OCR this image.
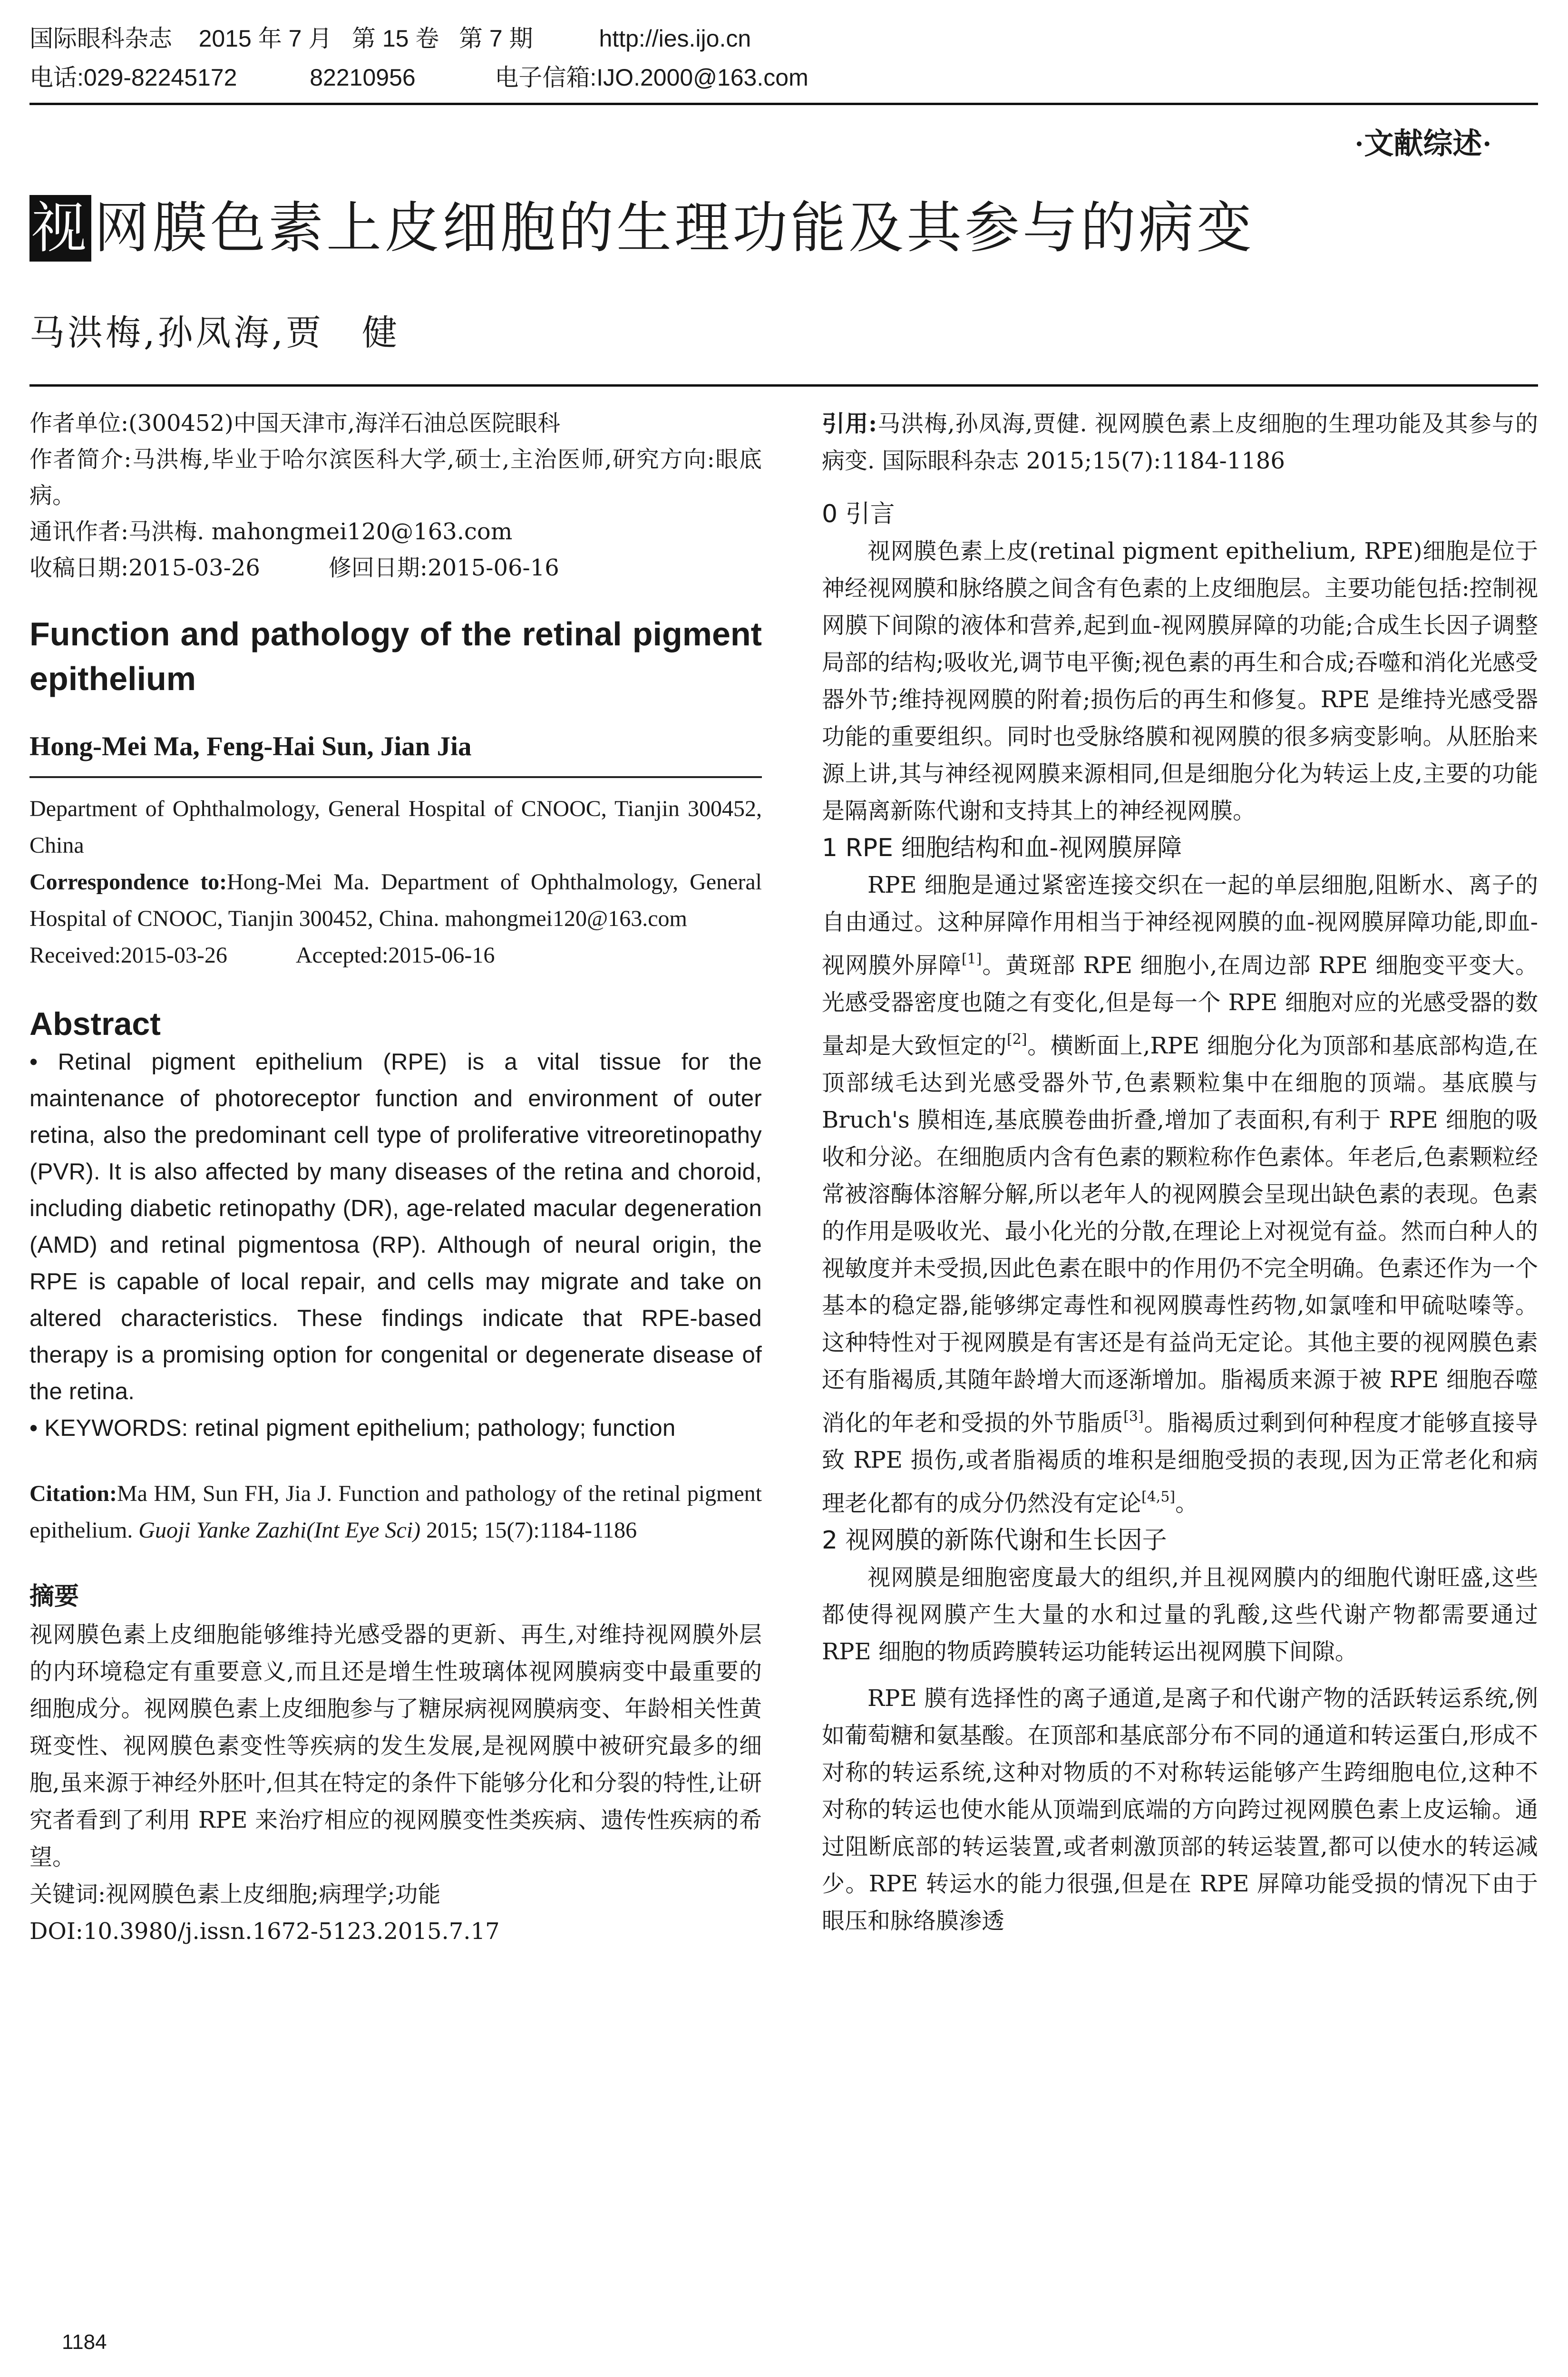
国际眼科杂志    2015 年 7 月   第 15 卷   第 7 期          http://ies.ijo.cn
电话:029-82245172           82210956            电子信箱:IJO.2000@163.com
·文献综述·
视网膜色素上皮细胞的生理功能及其参与的病变
马洪梅,孙凤海,贾　健

作者单位:(300452)中国天津市,海洋石油总医院眼科

作者简介:马洪梅,毕业于哈尔滨医科大学,硕士,主治医师,研究方向:眼底病。

通讯作者:马洪梅. mahongmei120@163.com

收稿日期:2015-03-26　　　修回日期:2015-06-16

Function and pathology of the retinal pigment epithelium
Hong-Mei Ma, Feng-Hai Sun, Jian Jia
Department of Ophthalmology, General Hospital of CNOOC, Tianjin 300452, China
Correspondence to:Hong-Mei Ma. Department of Ophthalmology, General Hospital of CNOOC, Tianjin 300452, China. mahongmei120@163.com
Received:2015-03-26　　　Accepted:2015-06-16
Abstract
• Retinal pigment epithelium (RPE) is a vital tissue for the maintenance of photoreceptor function and environment of outer retina, also the predominant cell type of proliferative vitreoretinopathy (PVR). It is also affected by many diseases of the retina and choroid, including diabetic retinopathy (DR), age-related macular degeneration (AMD) and retinal pigmentosa (RP). Although of neural origin, the RPE is capable of local repair, and cells may migrate and take on altered characteristics. These findings indicate that RPE-based therapy is a promising option for congenital or degenerate disease of the retina.
• KEYWORDS: retinal pigment epithelium; pathology; function
Citation:Ma HM, Sun FH, Jia J. Function and pathology of the retinal pigment epithelium. Guoji Yanke Zazhi(Int Eye Sci) 2015; 15(7):1184-1186
摘要

视网膜色素上皮细胞能够维持光感受器的更新、再生,对维持视网膜外层的内环境稳定有重要意义,而且还是增生性玻璃体视网膜病变中最重要的细胞成分。视网膜色素上皮细胞参与了糖尿病视网膜病变、年龄相关性黄斑变性、视网膜色素变性等疾病的发生发展,是视网膜中被研究最多的细胞,虽来源于神经外胚叶,但其在特定的条件下能够分化和分裂的特性,让研究者看到了利用 RPE 来治疗相应的视网膜变性类疾病、遗传性疾病的希望。

关键词:视网膜色素上皮细胞;病理学;功能

DOI:10.3980/j.issn.1672-5123.2015.7.17

引用:马洪梅,孙凤海,贾健. 视网膜色素上皮细胞的生理功能及其参与的病变. 国际眼科杂志 2015;15(7):1184-1186

0 引言

视网膜色素上皮(retinal pigment epithelium, RPE)细胞是位于神经视网膜和脉络膜之间含有色素的上皮细胞层。主要功能包括:控制视网膜下间隙的液体和营养,起到血-视网膜屏障的功能;合成生长因子调整局部的结构;吸收光,调节电平衡;视色素的再生和合成;吞噬和消化光感受器外节;维持视网膜的附着;损伤后的再生和修复。RPE 是维持光感受器功能的重要组织。同时也受脉络膜和视网膜的很多病变影响。从胚胎来源上讲,其与神经视网膜来源相同,但是细胞分化为转运上皮,主要的功能是隔离新陈代谢和支持其上的神经视网膜。

1 RPE 细胞结构和血-视网膜屏障

RPE 细胞是通过紧密连接交织在一起的单层细胞,阻断水、离子的自由通过。这种屏障作用相当于神经视网膜的血-视网膜屏障功能,即血-视网膜外屏障[1]。黄斑部 RPE 细胞小,在周边部 RPE 细胞变平变大。光感受器密度也随之有变化,但是每一个 RPE 细胞对应的光感受器的数量却是大致恒定的[2]。横断面上,RPE 细胞分化为顶部和基底部构造,在顶部绒毛达到光感受器外节,色素颗粒集中在细胞的顶端。基底膜与 Bruch's 膜相连,基底膜卷曲折叠,增加了表面积,有利于 RPE 细胞的吸收和分泌。在细胞质内含有色素的颗粒称作色素体。年老后,色素颗粒经常被溶酶体溶解分解,所以老年人的视网膜会呈现出缺色素的表现。色素的作用是吸收光、最小化光的分散,在理论上对视觉有益。然而白种人的视敏度并未受损,因此色素在眼中的作用仍不完全明确。色素还作为一个基本的稳定器,能够绑定毒性和视网膜毒性药物,如氯喹和甲硫哒嗪等。这种特性对于视网膜是有害还是有益尚无定论。其他主要的视网膜色素还有脂褐质,其随年龄增大而逐渐增加。脂褐质来源于被 RPE 细胞吞噬消化的年老和受损的外节脂质[3]。脂褐质过剩到何种程度才能够直接导致 RPE 损伤,或者脂褐质的堆积是细胞受损的表现,因为正常老化和病理老化都有的成分仍然没有定论[4,5]。

2 视网膜的新陈代谢和生长因子

视网膜是细胞密度最大的组织,并且视网膜内的细胞代谢旺盛,这些都使得视网膜产生大量的水和过量的乳酸,这些代谢产物都需要通过 RPE 细胞的物质跨膜转运功能转运出视网膜下间隙。

RPE 膜有选择性的离子通道,是离子和代谢产物的活跃转运系统,例如葡萄糖和氨基酸。在顶部和基底部分布不同的通道和转运蛋白,形成不对称的转运系统,这种对物质的不对称转运能够产生跨细胞电位,这种不对称的转运也使水能从顶端到底端的方向跨过视网膜色素上皮运输。通过阻断底部的转运装置,或者刺激顶部的转运装置,都可以使水的转运减少。RPE 转运水的能力很强,但是在 RPE 屏障功能受损的情况下由于眼压和脉络膜渗透

1184
